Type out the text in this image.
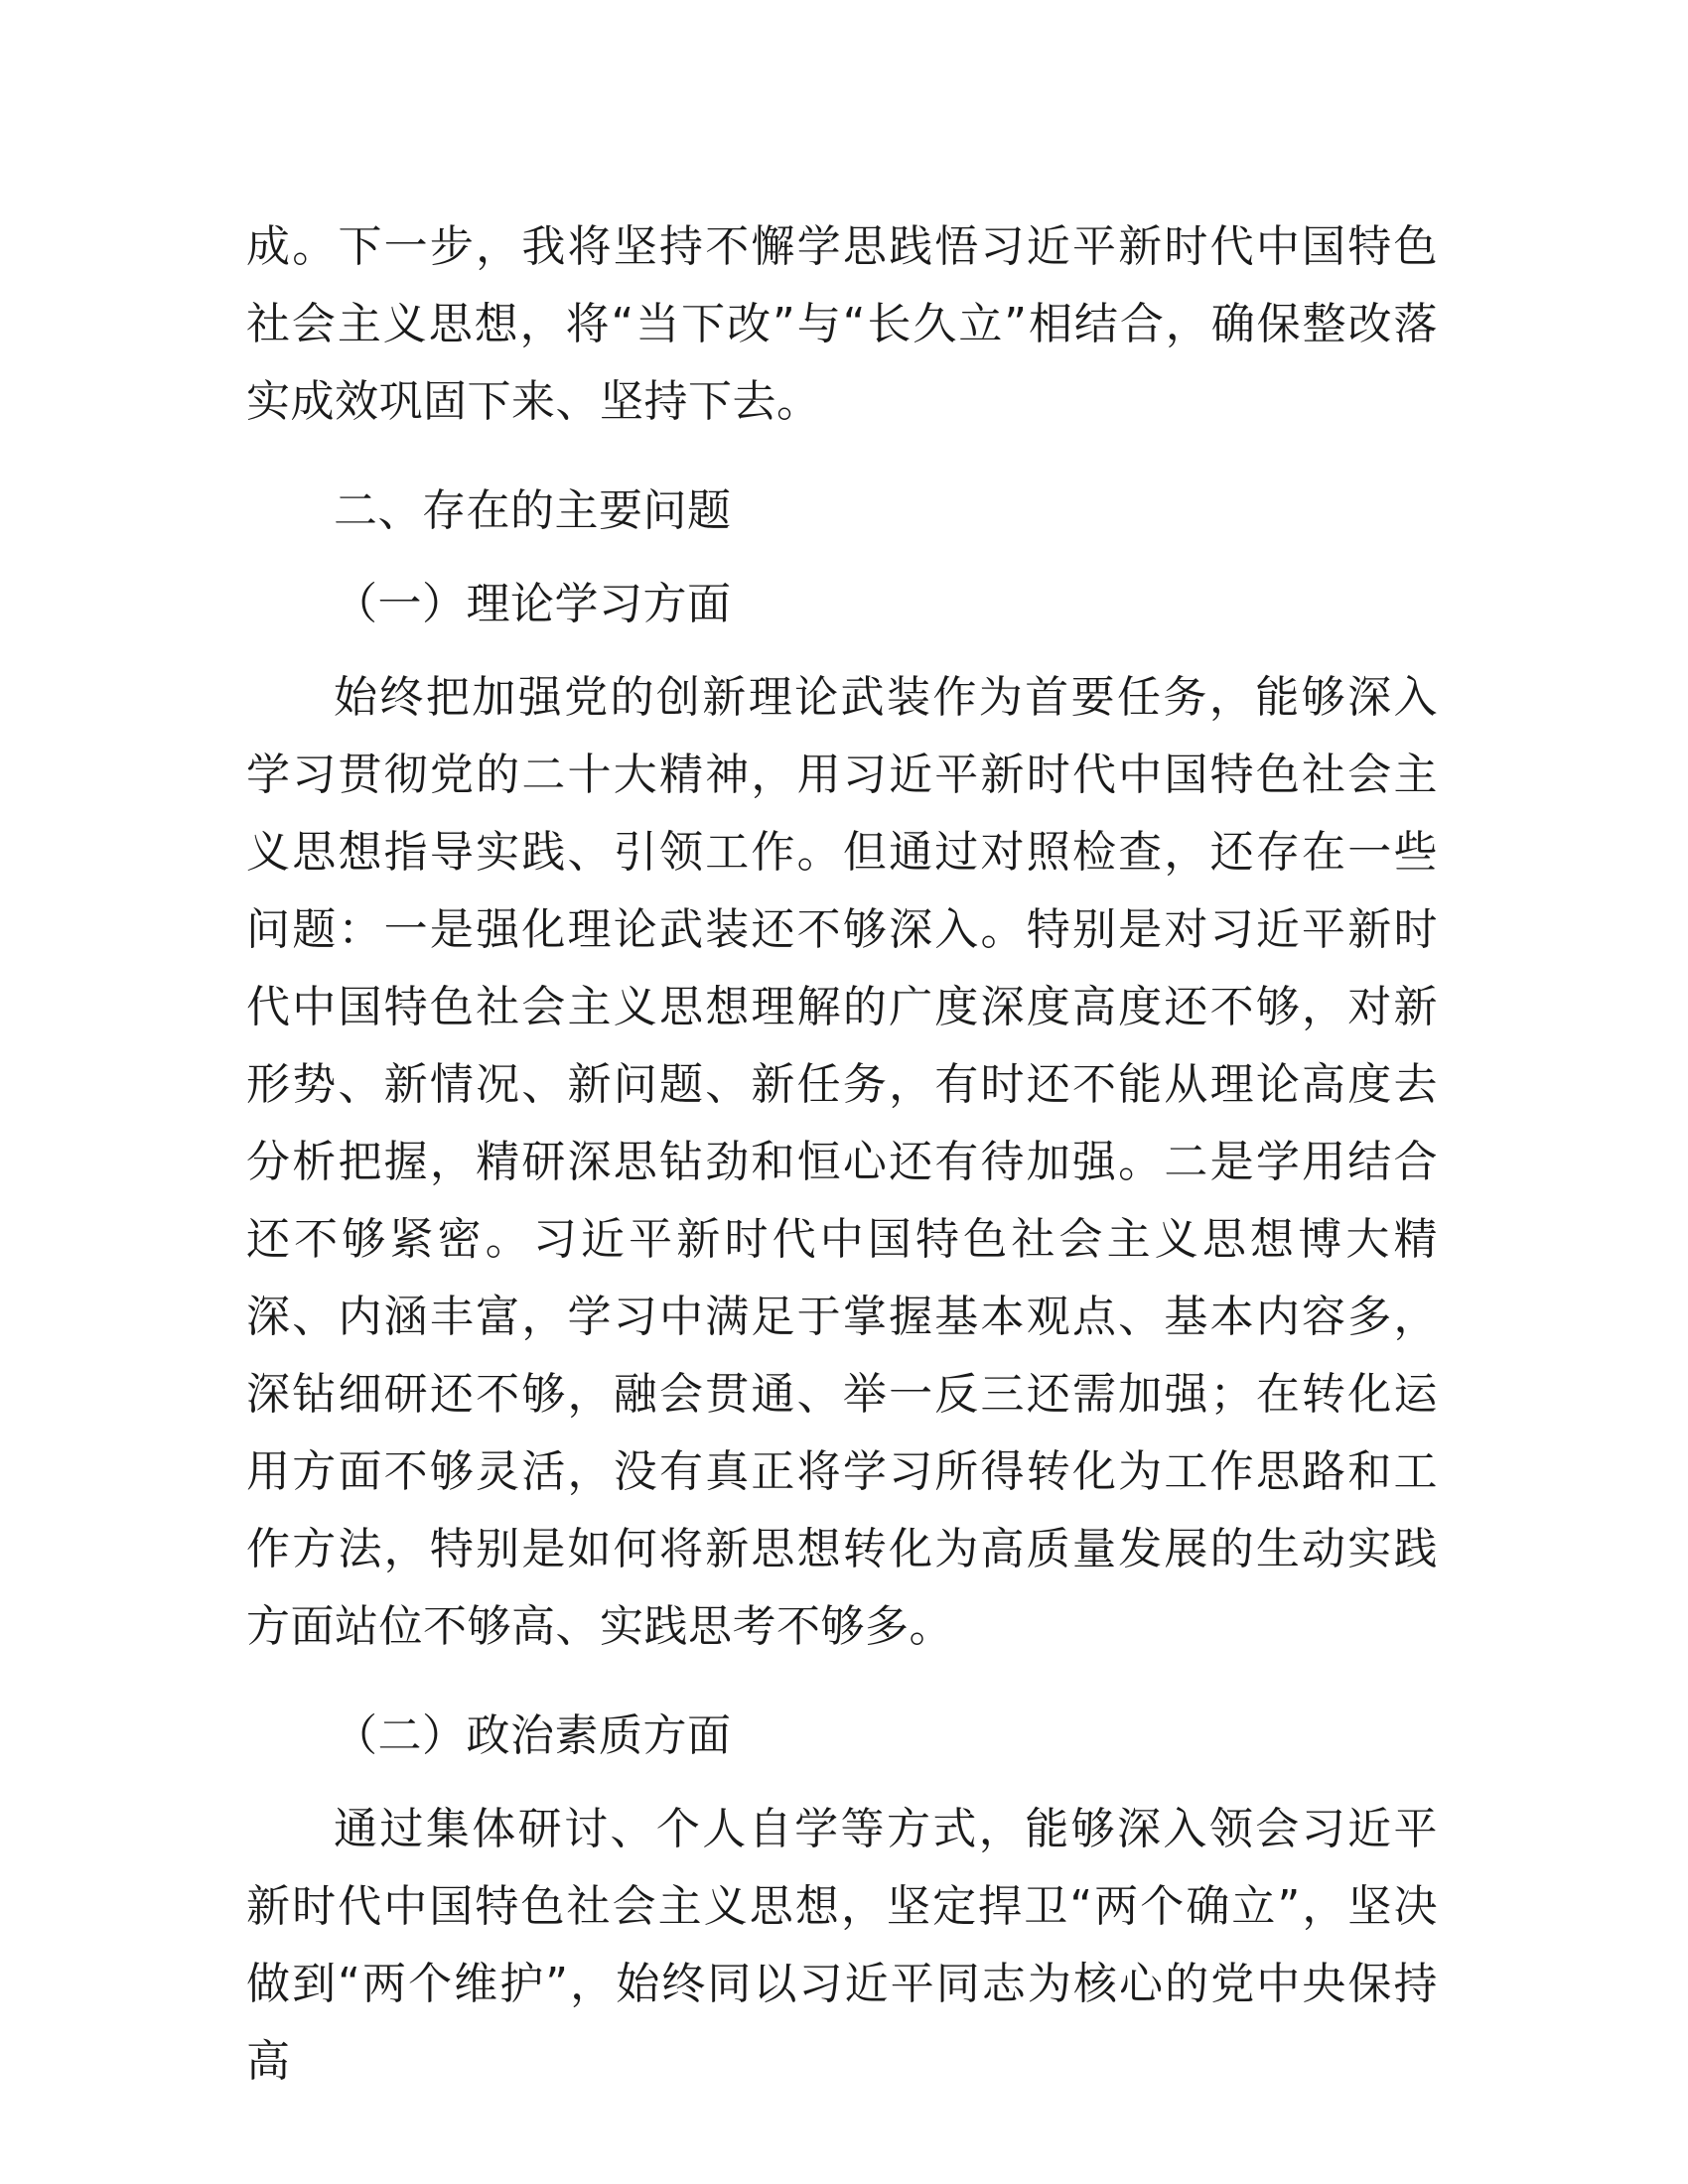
成。下一步，我将坚持不懈学思践悟习近平新时代中国特色社会主义思想，将“当下改”与“长久立”相结合，确保整改落实成效巩固下来、坚持下去。

二、存在的主要问题

（一）理论学习方面

始终把加强党的创新理论武装作为首要任务，能够深入学习贯彻党的二十大精神，用习近平新时代中国特色社会主义思想指导实践、引领工作。但通过对照检查，还存在一些问题：一是强化理论武装还不够深入。特别是对习近平新时代中国特色社会主义思想理解的广度深度高度还不够，对新形势、新情况、新问题、新任务，有时还不能从理论高度去分析把握，精研深思钻劲和恒心还有待加强。二是学用结合还不够紧密。习近平新时代中国特色社会主义思想博大精深、内涵丰富，学习中满足于掌握基本观点、基本内容多，深钻细研还不够，融会贯通、举一反三还需加强；在转化运用方面不够灵活，没有真正将学习所得转化为工作思路和工作方法，特别是如何将新思想转化为高质量发展的生动实践方面站位不够高、实践思考不够多。

（二）政治素质方面

通过集体研讨、个人自学等方式，能够深入领会习近平新时代中国特色社会主义思想，坚定捍卫“两个确立”，坚决做到“两个维护”，始终同以习近平同志为核心的党中央保持高
